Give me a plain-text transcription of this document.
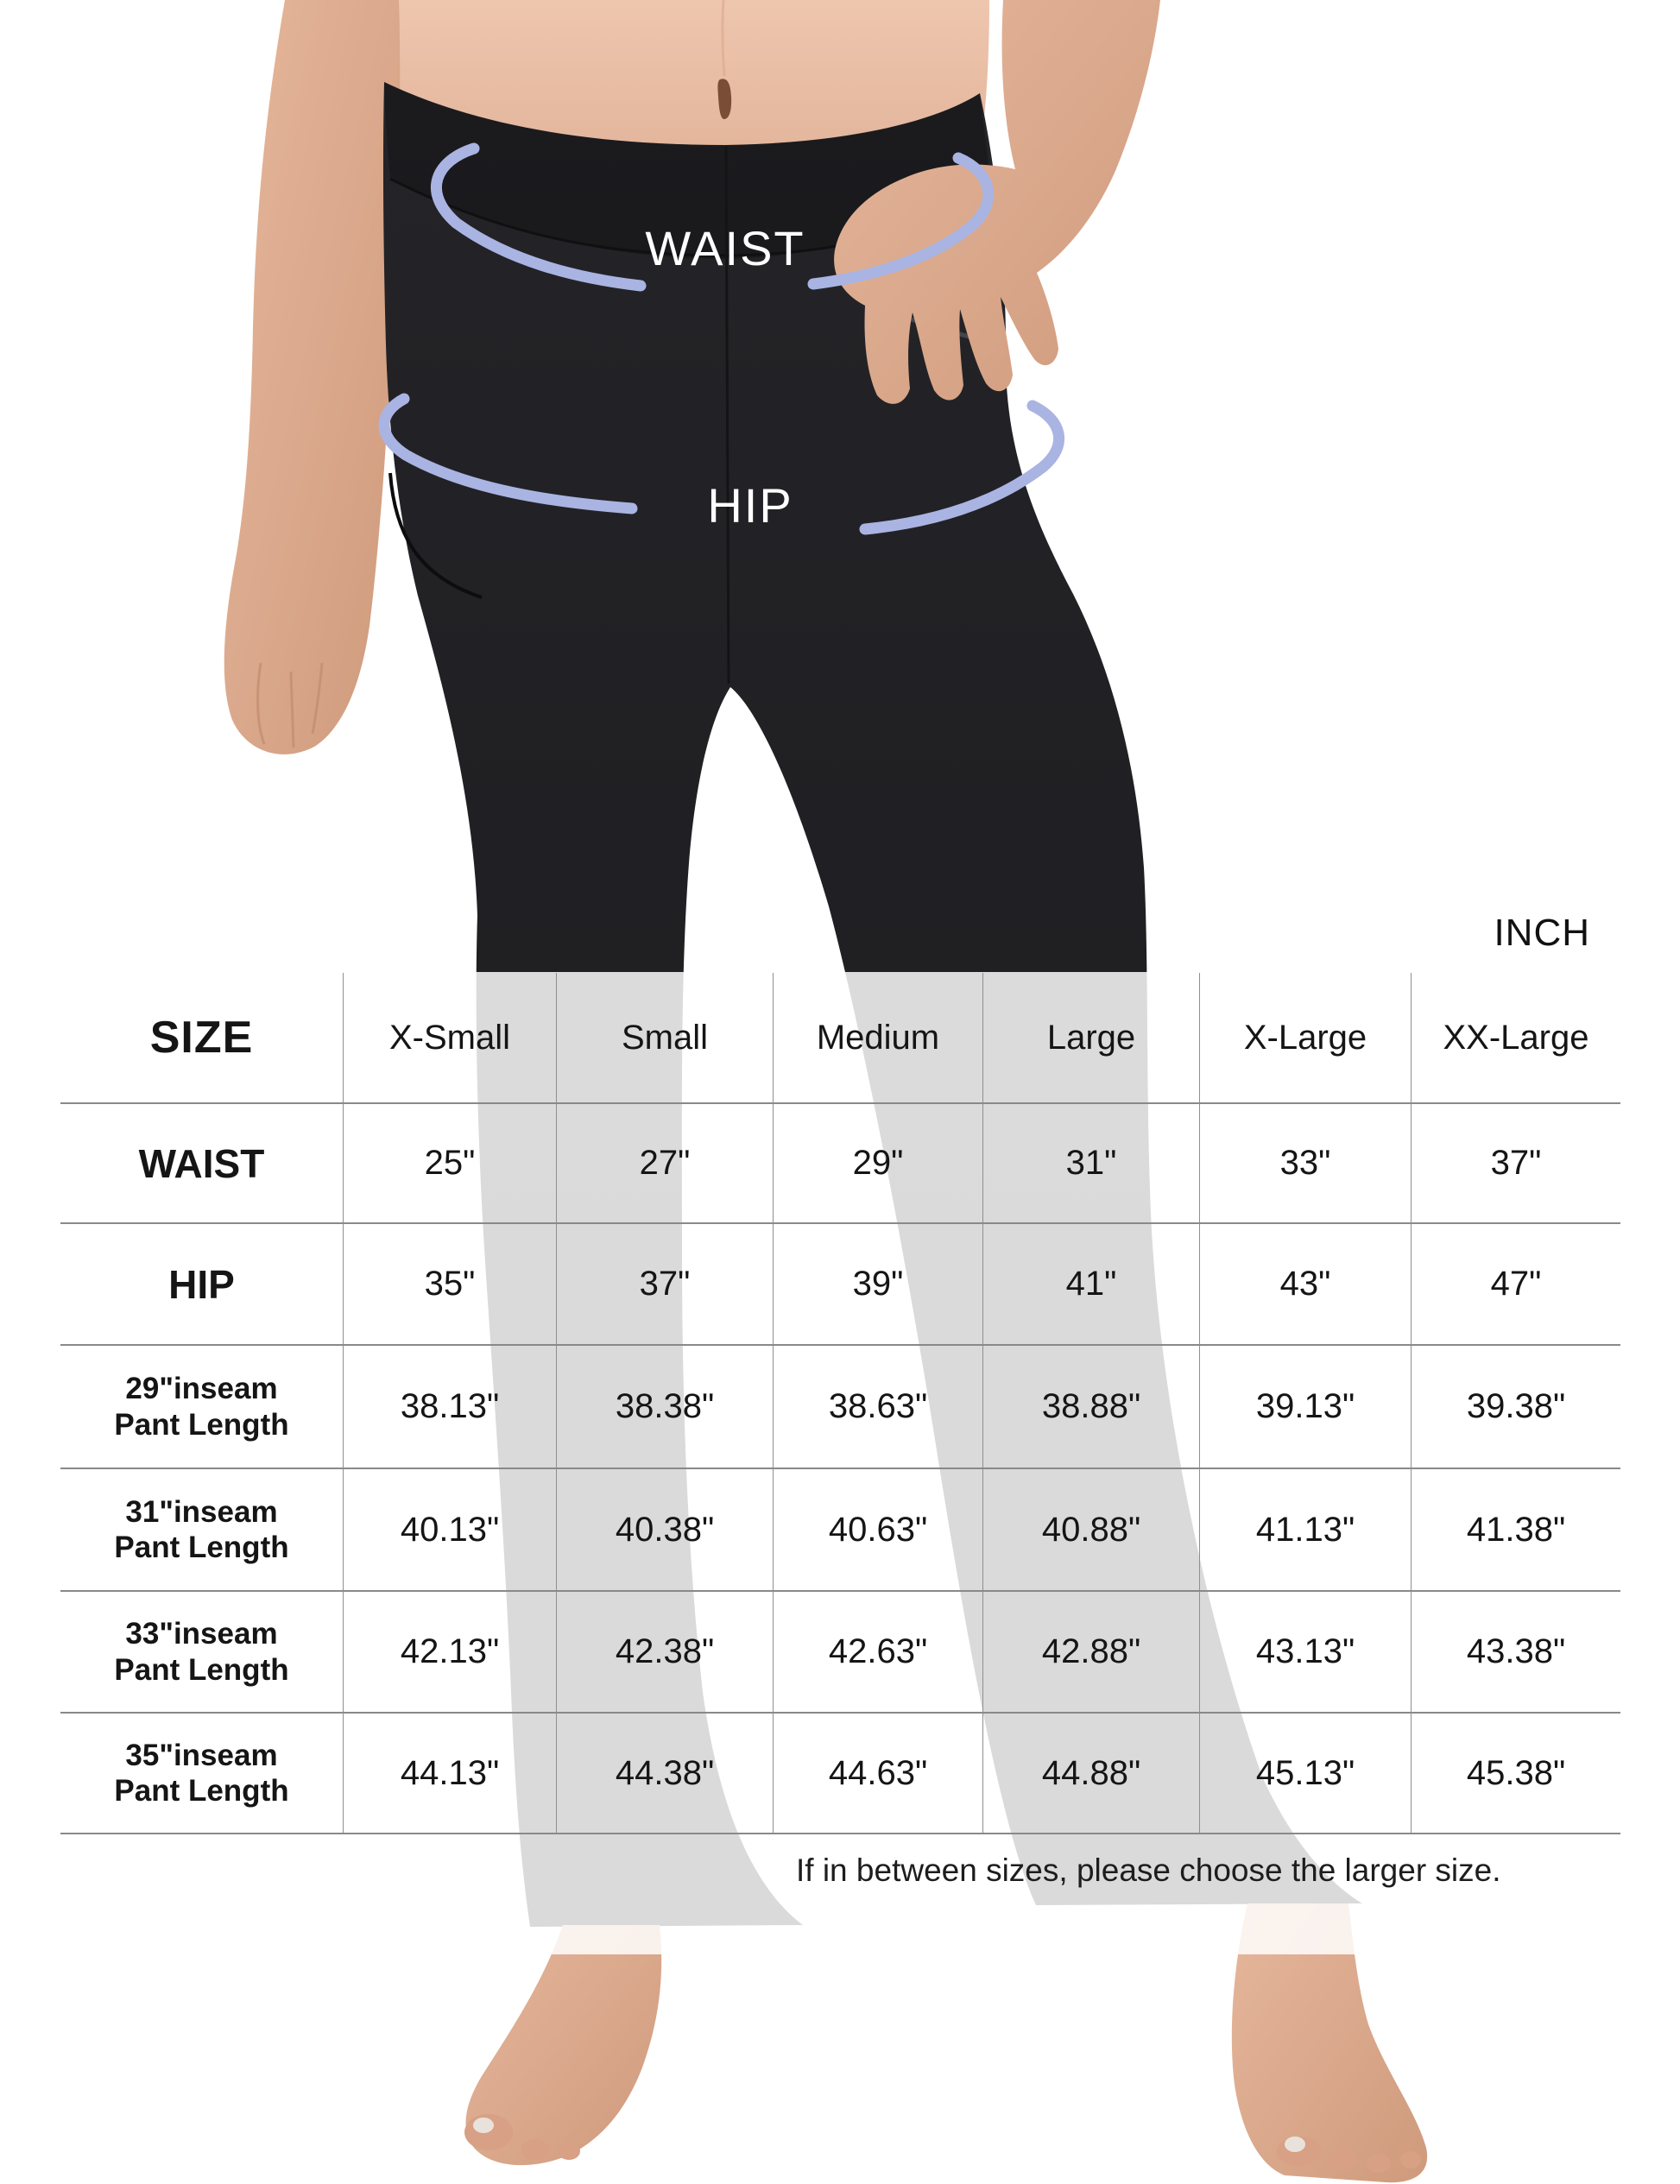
WAIST
HIP
INCH
SIZE	X-Small	Small	Medium	Large	X-Large	XX-Large
WAIST	25"	27"	29"	31"	33"	37"
HIP	35"	37"	39"	41"	43"	47"
29"inseam
Pant Length	38.13"	38.38"	38.63"	38.88"	39.13"	39.38"
31"inseam
Pant Length	40.13"	40.38"	40.63"	40.88"	41.13"	41.38"
33"inseam
Pant Length	42.13"	42.38"	42.63"	42.88"	43.13"	43.38"
35"inseam
Pant Length	44.13"	44.38"	44.63"	44.88"	45.13"	45.38"
If in between sizes, please choose the larger size.
